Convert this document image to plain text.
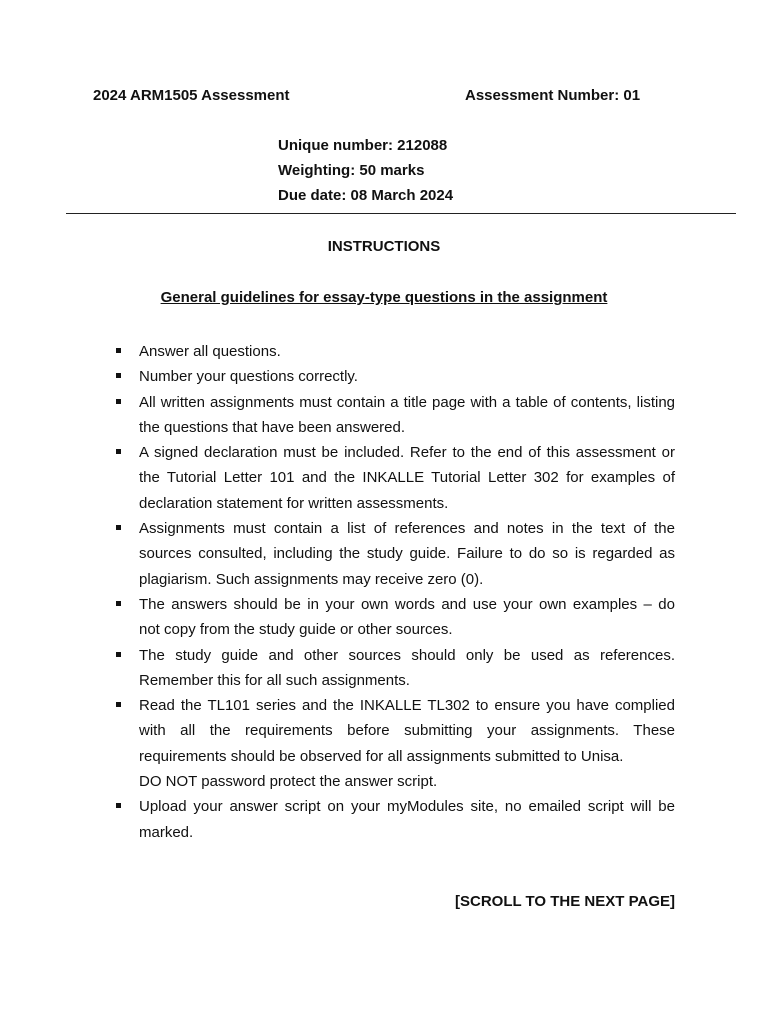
2024 ARM1505 Assessment	Assessment Number: 01
Unique number: 212088
Weighting: 50 marks
Due date: 08 March 2024
INSTRUCTIONS
General guidelines for essay-type questions in the assignment
Answer all questions.
Number your questions correctly.
All written assignments must contain a title page with a table of contents, listing
the questions that have been answered.
A signed declaration must be included. Refer to the end of this assessment or
the Tutorial Letter 101 and the INKALLE Tutorial Letter 302 for examples of
declaration statement for written assessments.
Assignments must contain a list of references and notes in the text of the
sources consulted, including the study guide. Failure to do so is regarded as
plagiarism. Such assignments may receive zero (0).
The answers should be in your own words and use your own examples – do
not copy from the study guide or other sources.
The study guide and other sources should only be used as references.
Remember this for all such assignments.
Read the TL101 series and the INKALLE TL302 to ensure you have complied
with all the requirements before submitting your assignments. These
requirements should be observed for all assignments submitted to Unisa.
DO NOT password protect the answer script.
Upload your answer script on your myModules site, no emailed script will be
marked.
[SCROLL TO THE NEXT PAGE]
